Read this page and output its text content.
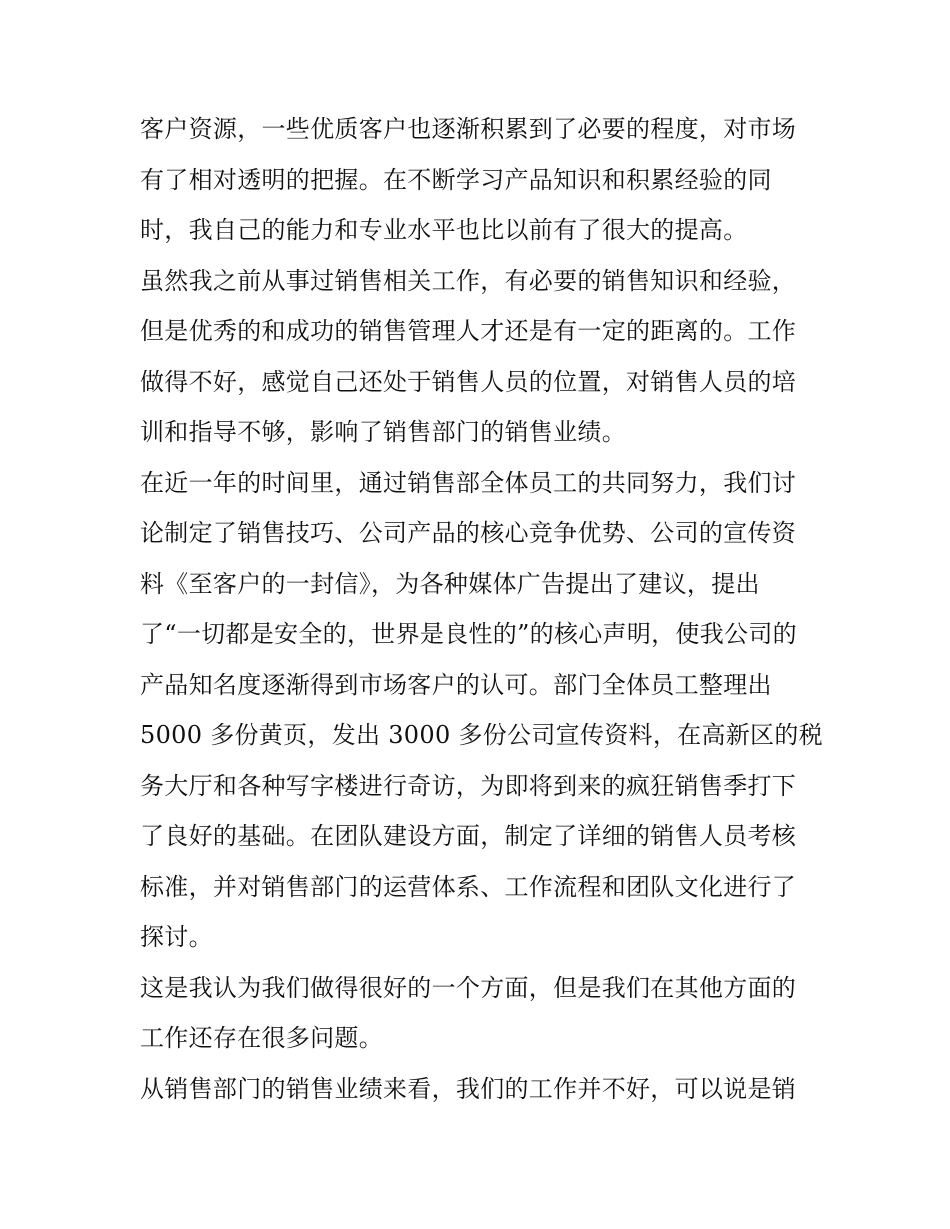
客户资源，一些优质客户也逐渐积累到了必要的程度，对市场
有了相对透明的把握。在不断学习产品知识和积累经验的同
时，我自己的能力和专业水平也比以前有了很大的提高。
虽然我之前从事过销售相关工作，有必要的销售知识和经验，
但是优秀的和成功的销售管理人才还是有一定的距离的。工作
做得不好，感觉自己还处于销售人员的位置，对销售人员的培
训和指导不够，影响了销售部门的销售业绩。
在近一年的时间里，通过销售部全体员工的共同努力，我们讨
论制定了销售技巧、公司产品的核心竞争优势、公司的宣传资
料《至客户的一封信》，为各种媒体广告提出了建议，提出
了“一切都是安全的，世界是良性的”的核心声明，使我公司的
产品知名度逐渐得到市场客户的认可。部门全体员工整理出
5000 多份黄页，发出 3000 多份公司宣传资料，在高新区的税
务大厅和各种写字楼进行奇访，为即将到来的疯狂销售季打下
了良好的基础。在团队建设方面，制定了详细的销售人员考核
标准，并对销售部门的运营体系、工作流程和团队文化进行了
探讨。
这是我认为我们做得很好的一个方面，但是我们在其他方面的
工作还存在很多问题。
从销售部门的销售业绩来看，我们的工作并不好，可以说是销
